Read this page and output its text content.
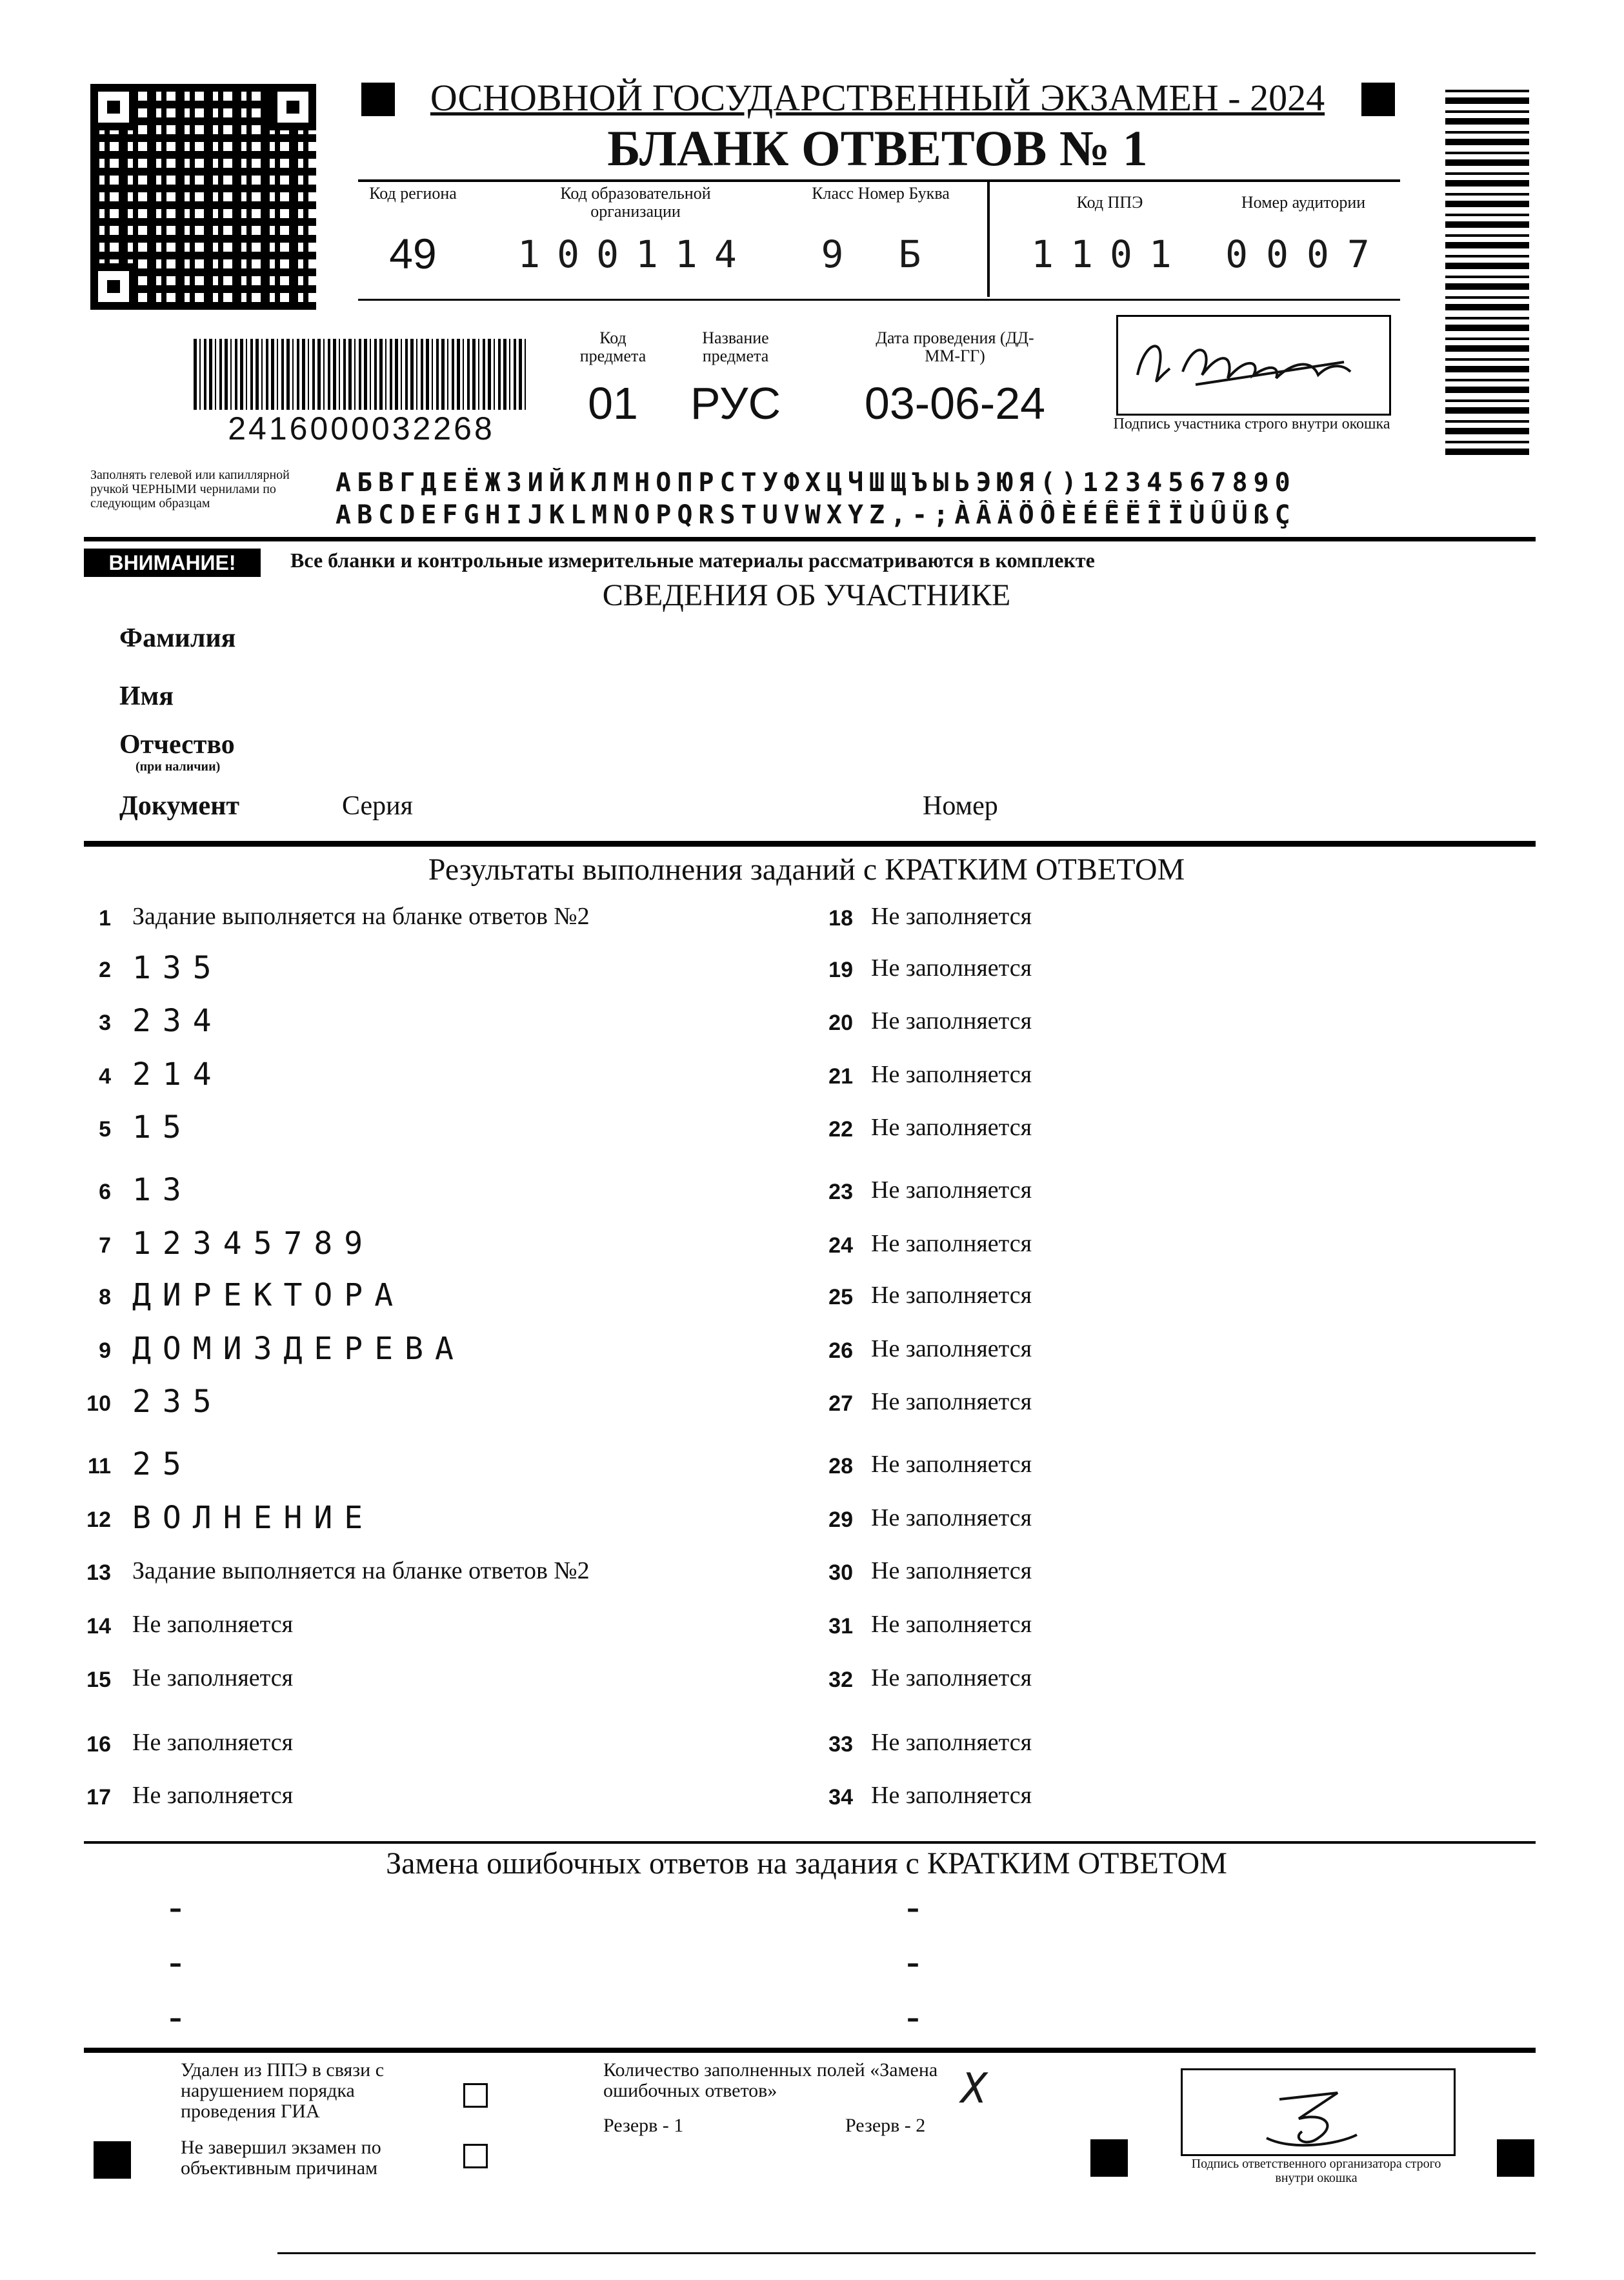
ОСНОВНОЙ ГОСУДАРСТВЕННЫЙ ЭКЗАМЕН - 2024
БЛАНК ОТВЕТОВ № 1
Код региона	Код образовательной организации
Класс Номер Буква	Код ППЭ	Номер аудитории
49	100114	9	Б	1101 0007
2416000032268
Код предмета
Название предмета
Дата проведения (ДД-ММ-ГГ)
01	РУС	03-06-24	Подпись участника строго внутри окошка
Заполнять гелевой или капиллярной ручкой ЧЕРНЫМИ чернилами по следующим образцам
АБВГДЕЁЖЗИЙКЛМНОПРСТУФХЦЧШЩЪЫЬЭЮЯ()1234567890
ABCDEFGHIJKLMNOPQRSTUVWXYZ,-;ÀÂÄÖÔÈÉÊËÎÏÙÛÜßÇ
ВНИМАНИЕ!	Все бланки и контрольные измерительные материалы рассматриваются в комплекте
СВЕДЕНИЯ ОБ УЧАСТНИКЕ
Фамилия
Имя
Отчество
(при наличии)
Документ	Серия	Номер
Результаты выполнения заданий с КРАТКИМ ОТВЕТОМ
1 Задание выполняется на бланке ответов №2
2 135
3 234
4 214
5 15
6 13
7 12345789
8 ДИРЕКТОРА
9 ДОМИЗДЕРЕВА
10 235
11 25
12 ВОЛНЕНИЕ
13 Задание выполняется на бланке ответов №2
14 Не заполняется
15 Не заполняется
16 Не заполняется
17 Не заполняется
18 Не заполняется
19 Не заполняется
20 Не заполняется
21 Не заполняется
22 Не заполняется
23 Не заполняется
24 Не заполняется
25 Не заполняется
26 Не заполняется
27 Не заполняется
28 Не заполняется
29 Не заполняется
30 Не заполняется
31 Не заполняется
32 Не заполняется
33 Не заполняется
34 Не заполняется
Замена ошибочных ответов на задания с КРАТКИМ ОТВЕТОМ
-
-
-
-
-
-
Удален из ППЭ в связи с нарушением порядка проведения ГИА
Не завершил экзамен по объективным причинам
Количество заполненных полей «Замена ошибочных ответов»	X
Резерв - 1	Резерв - 2
Подпись ответственного организатора строго внутри окошка
